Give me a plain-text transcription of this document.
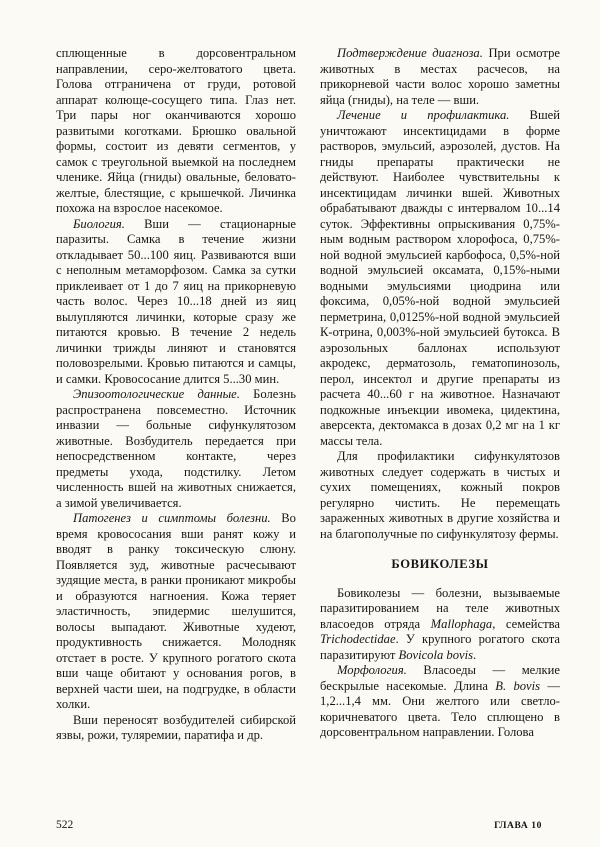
сплющенные в дорсовентральном направлении, серо-желтоватого цвета. Голова отграничена от груди, ротовой аппарат колюще-сосущего типа. Глаз нет. Три пары ног оканчиваются хорошо развитыми коготками. Брюшко овальной формы, состоит из девяти сегментов, у самок с треугольной выемкой на последнем членике. Яйца (гниды) овальные, беловато-желтые, блестящие, с крышечкой. Личинка похожа на взрослое насекомое.

Биология. Вши — стационарные паразиты. Самка в течение жизни откладывает 50...100 яиц. Развиваются вши с неполным метаморфозом. Самка за сутки приклеивает от 1 до 7 яиц на прикорневую часть волос. Через 10...18 дней из яиц вылупляются личинки, которые сразу же питаются кровью. В течение 2 недель личинки трижды линяют и становятся половозрелыми. Кровью питаются и самцы, и самки. Кровососание длится 5...30 мин.

Эпизоотологические данные. Болезнь распространена повсеместно. Источник инвазии — больные сифункулятозом животные. Возбудитель передается при непосредственном контакте, через предметы ухода, подстилку. Летом численность вшей на животных снижается, а зимой увеличивается.

Патогенез и симптомы болезни. Во время кровососания вши ранят кожу и вводят в ранку токсическую слюну. Появляется зуд, животные расчесывают зудящие места, в ранки проникают микробы и образуются нагноения. Кожа теряет эластичность, эпидермис шелушится, волосы выпадают. Животные худеют, продуктивность снижается. Молодняк отстает в росте. У крупного рогатого скота вши чаще обитают у основания рогов, в верхней части шеи, на подгрудке, в области холки.

Вши переносят возбудителей сибирской язвы, рожи, туляремии, паратифа и др.

Подтверждение диагноза. При осмотре животных в местах расчесов, на прикорневой части волос хорошо заметны яйца (гниды), на теле — вши.

Лечение и профилактика. Вшей уничтожают инсектицидами в форме растворов, эмульсий, аэрозолей, дустов. На гниды препараты практически не действуют. Наиболее чувствительны к инсектицидам личинки вшей. Животных обрабатывают дважды с интервалом 10...14 суток. Эффективны опрыскивания 0,75%-ным водным раствором хлорофоса, 0,75%-ной водной эмульсией карбофоса, 0,5%-ной водной эмульсией оксамата, 0,15%-ными водными эмульсиями циодрина или фоксима, 0,05%-ной водной эмульсией перметрина, 0,0125%-ной водной эмульсией К-отрина, 0,003%-ной эмульсией бутокса. В аэрозольных баллонах используют акродекс, дерматозоль, гематопинозоль, перол, инсектол и другие препараты из расчета 40...60 г на животное. Назначают подкожные инъекции ивомека, цидектина, аверсекта, дектомакса в дозах 0,2 мг на 1 кг массы тела.

Для профилактики сифункулятозов животных следует содержать в чистых и сухих помещениях, кожный покров регулярно чистить. Не перемещать зараженных животных в другие хозяйства и на благополучные по сифункулятозу фермы.

БОВИКОЛЕЗЫ

Бовиколезы — болезни, вызываемые паразитированием на теле животных власоедов отряда Mallophaga, семейства Trichodectidae. У крупного рогатого скота паразитируют Bovicola bovis.

Морфология. Власоеды — мелкие бескрылые насекомые. Длина B. bovis — 1,2...1,4 мм. Они желтого или светло-коричневатого цвета. Тело сплющено в дорсовентральном направлении. Голова

522	ГЛАВА 10
